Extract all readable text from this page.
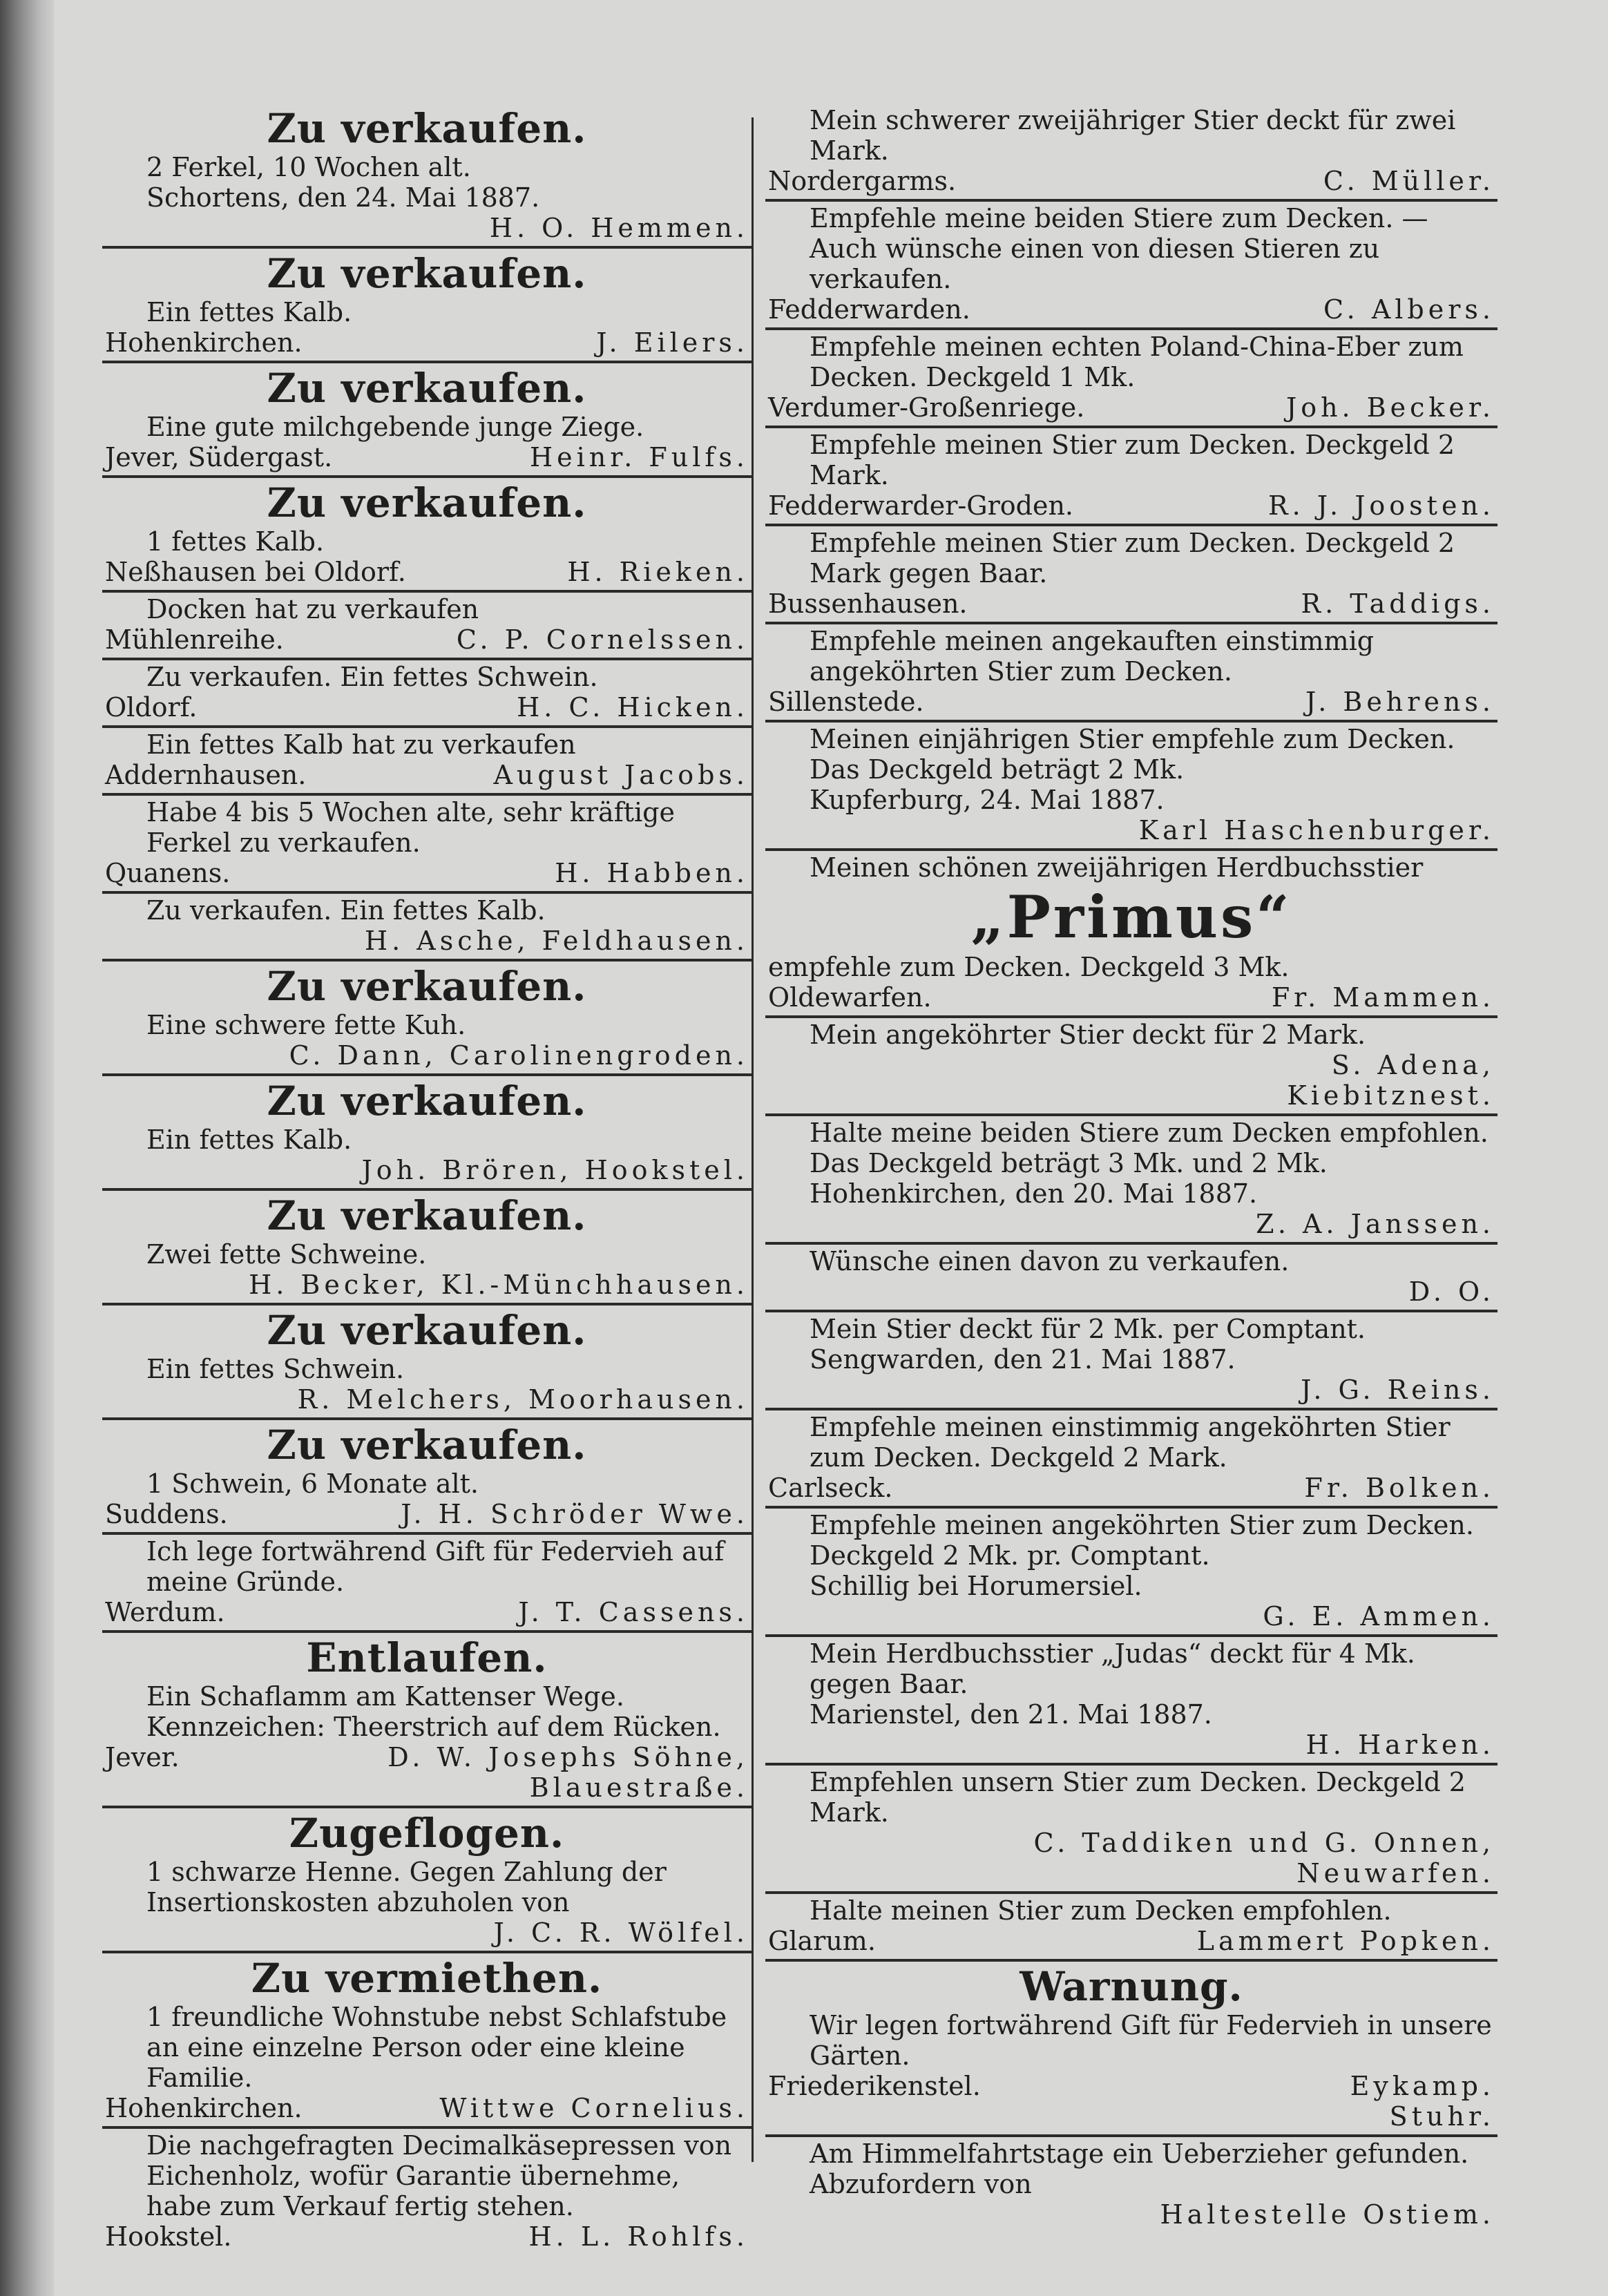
Zu verkaufen.
2 Ferkel, 10 Wochen alt.
Schortens, den 24. Mai 1887.
H. O. Hemmen.
Zu verkaufen.
Ein fettes Kalb.
Hohenkirchen.	J. Eilers.
Zu verkaufen.
Eine gute milchgebende junge Ziege.
Jever, Südergast.	Heinr. Fulfs.
Zu verkaufen.
1 fettes Kalb.
Neßhausen bei Oldorf.	H. Rieken.
Docken hat zu verkaufen
Mühlenreihe.	C. P. Cornelssen.
Zu verkaufen. Ein fettes Schwein.
Oldorf.	H. C. Hicken.
Ein fettes Kalb hat zu verkaufen
Addernhausen.	August Jacobs.
Habe 4 bis 5 Wochen alte, sehr kräftige Ferkel zu verkaufen.
Quanens.	H. Habben.
Zu verkaufen. Ein fettes Kalb.
H. Asche, Feldhausen.
Zu verkaufen.
Eine schwere fette Kuh.
C. Dann, Carolinengroden.
Zu verkaufen.
Ein fettes Kalb.
Joh. Brören, Hookstel.
Zu verkaufen.
Zwei fette Schweine.
H. Becker, Kl.-Münchhausen.
Zu verkaufen.
Ein fettes Schwein.
R. Melchers, Moorhausen.
Zu verkaufen.
1 Schwein, 6 Monate alt.
Suddens.	J. H. Schröder Wwe.
Ich lege fortwährend Gift für Federvieh auf meine Gründe.
Werdum.	J. T. Cassens.
Entlaufen.
Ein Schaflamm am Kattenser Wege. Kennzeichen: Theerstrich auf dem Rücken.
Jever.	D. W. Josephs Söhne,
Blauestraße.
Zugeflogen.
1 schwarze Henne. Gegen Zahlung der Insertionskosten abzuholen von
J. C. R. Wölfel.
Zu vermiethen.
1 freundliche Wohnstube nebst Schlafstube an eine einzelne Person oder eine kleine Familie.
Hohenkirchen.	Wittwe Cornelius.
Die nachgefragten Decimalkäsepressen von Eichenholz, wofür Garantie übernehme, habe zum Verkauf fertig stehen.
Hookstel.	H. L. Rohlfs.
Mein schwerer zweijähriger Stier deckt für zwei Mark.
Nordergarms.	C. Müller.
Empfehle meine beiden Stiere zum Decken. — Auch wünsche einen von diesen Stieren zu verkaufen.
Fedderwarden.	C. Albers.
Empfehle meinen echten Poland-China-Eber zum Decken. Deckgeld 1 Mk.
Verdumer-Großenriege.	Joh. Becker.
Empfehle meinen Stier zum Decken. Deckgeld 2 Mark.
Fedderwarder-Groden.	R. J. Joosten.
Empfehle meinen Stier zum Decken. Deckgeld 2 Mark gegen Baar.
Bussenhausen.	R. Taddigs.
Empfehle meinen angekauften einstimmig angeköhrten Stier zum Decken.
Sillenstede.	J. Behrens.
Meinen einjährigen Stier empfehle zum Decken. Das Deckgeld beträgt 2 Mk.
Kupferburg, 24. Mai 1887.
Karl Haschenburger.
Meinen schönen zweijährigen Herdbuchsstier
„Primus“
empfehle zum Decken. Deckgeld 3 Mk.
Oldewarfen.	Fr. Mammen.
Mein angeköhrter Stier deckt für 2 Mark.
S. Adena,
Kiebitznest.
Halte meine beiden Stiere zum Decken empfohlen. Das Deckgeld beträgt 3 Mk. und 2 Mk.
Hohenkirchen, den 20. Mai 1887.
Z. A. Janssen.
Wünsche einen davon zu verkaufen.
D. O.
Mein Stier deckt für 2 Mk. per Comptant.
Sengwarden, den 21. Mai 1887.
J. G. Reins.
Empfehle meinen einstimmig angeköhrten Stier zum Decken. Deckgeld 2 Mark.
Carlseck.	Fr. Bolken.
Empfehle meinen angeköhrten Stier zum Decken. Deckgeld 2 Mk. pr. Comptant.
Schillig bei Horumersiel.
G. E. Ammen.
Mein Herdbuchsstier „Judas“ deckt für 4 Mk. gegen Baar.
Marienstel, den 21. Mai 1887.
H. Harken.
Empfehlen unsern Stier zum Decken. Deckgeld 2 Mark.
C. Taddiken und G. Onnen,
Neuwarfen.
Halte meinen Stier zum Decken empfohlen.
Glarum.	Lammert Popken.
Warnung.
Wir legen fortwährend Gift für Federvieh in unsere Gärten.
Friederikenstel.	Eykamp.
Stuhr.
Am Himmelfahrtstage ein Ueberzieher gefunden. Abzufordern von
Haltestelle Ostiem.
